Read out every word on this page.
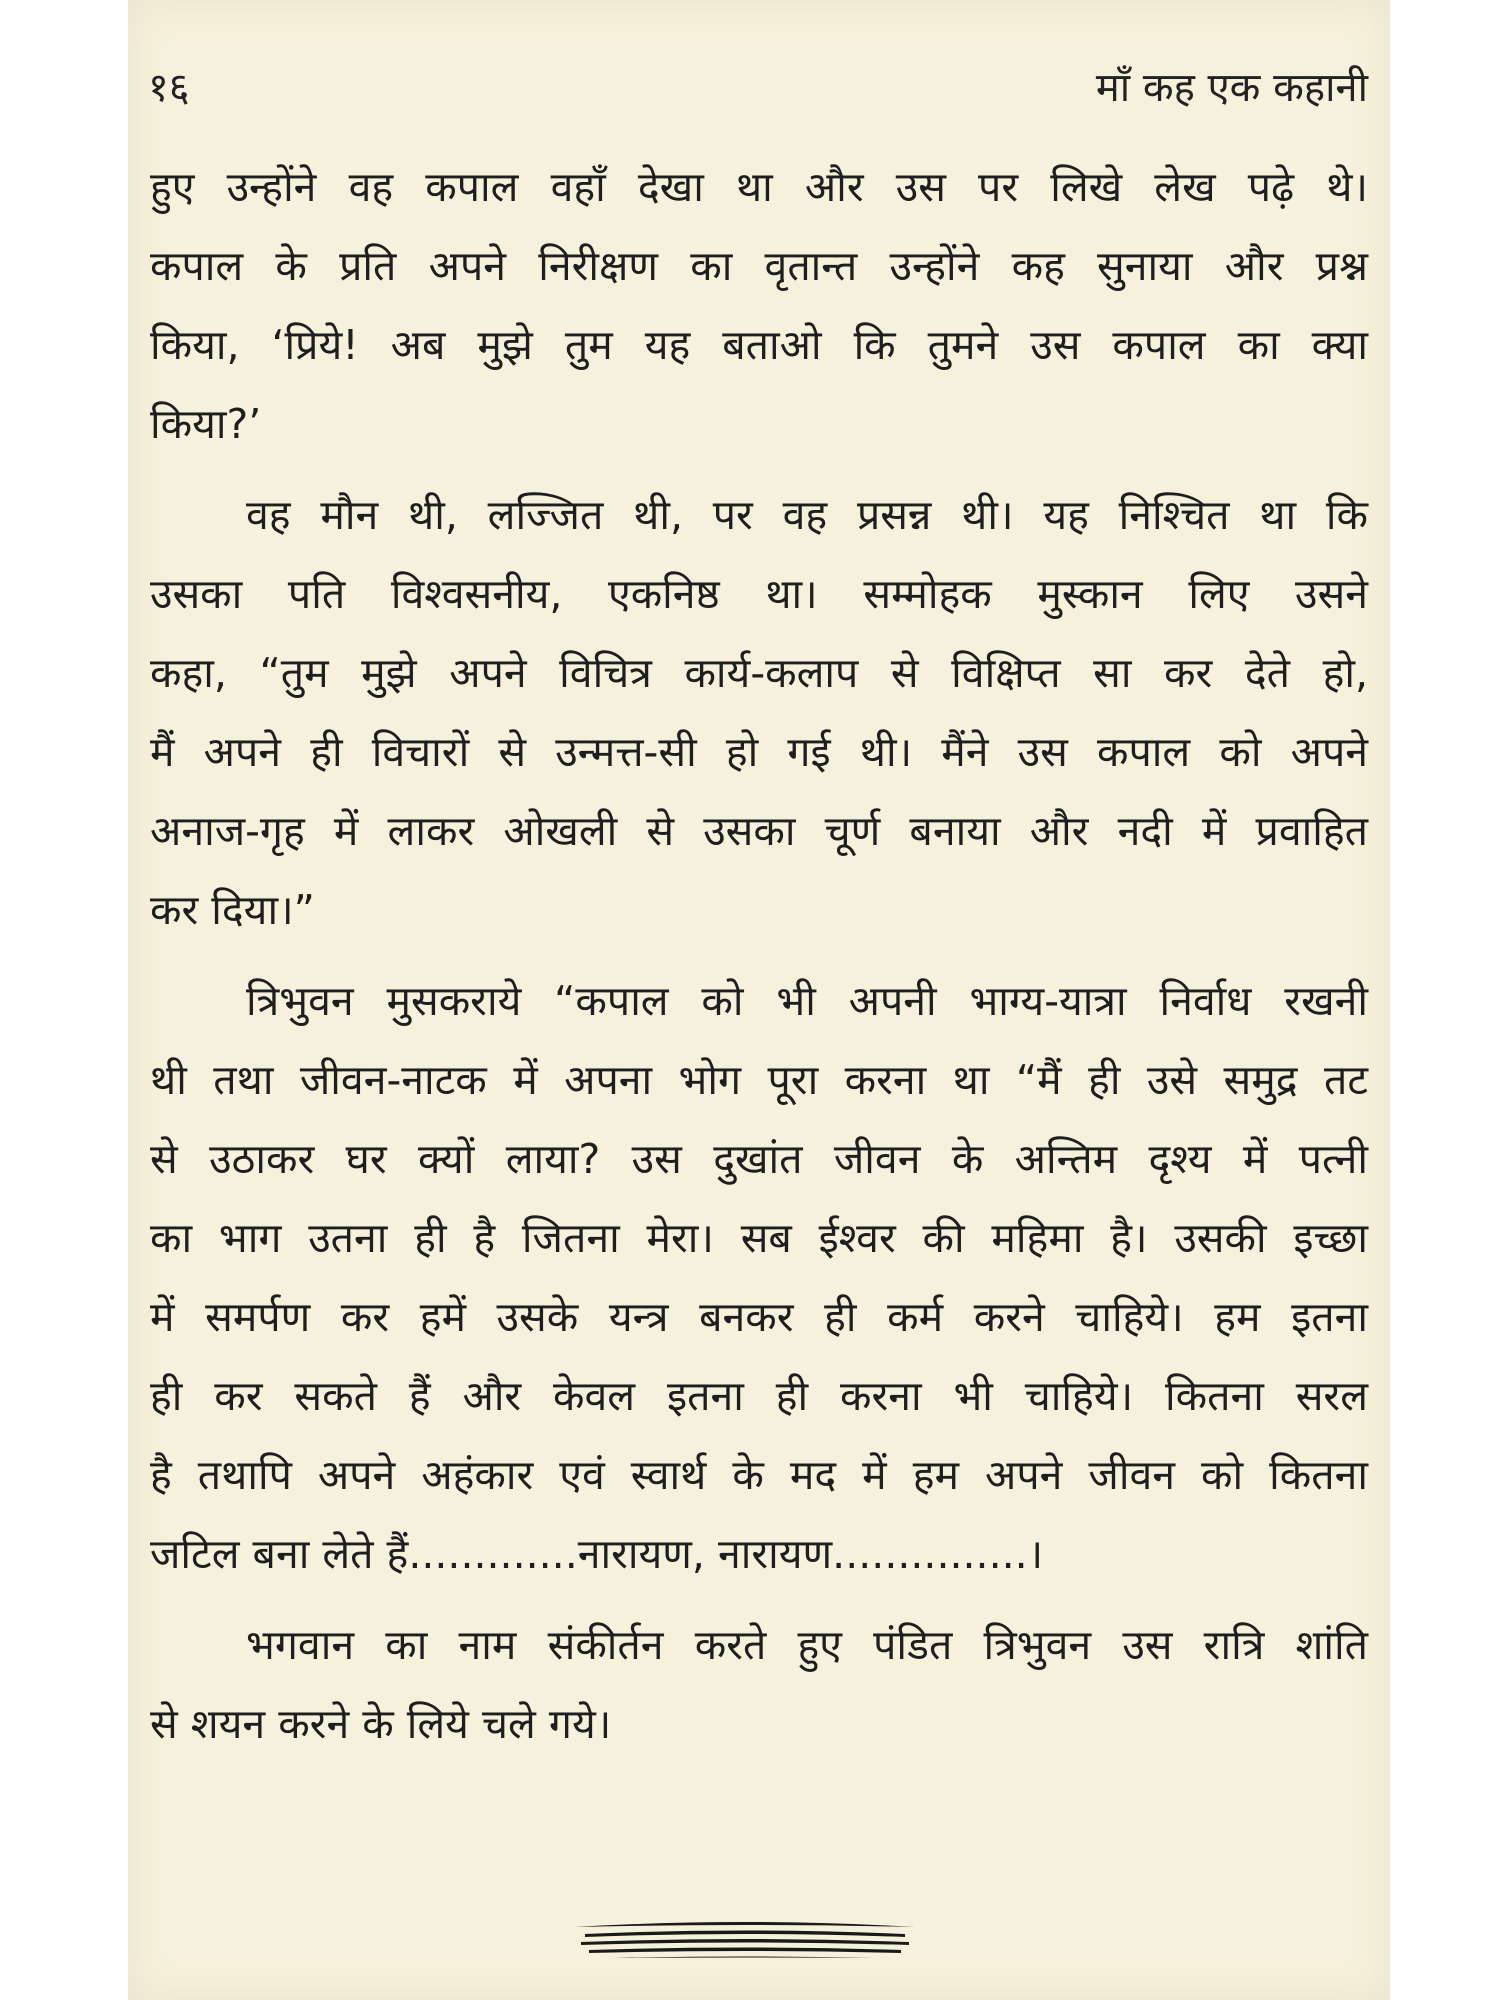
१६	माँ कह एक कहानी

हुए उन्होंने वह कपाल वहाँ देखा था और उस पर लिखे लेख पढ़े थे।
कपाल के प्रति अपने निरीक्षण का वृतान्त उन्होंने कह सुनाया और प्रश्न
किया, ‘प्रिये! अब मुझे तुम यह बताओ कि तुमने उस कपाल का क्या
किया?’

वह मौन थी, लज्जित थी, पर वह प्रसन्न थी। यह निश्चित था कि
उसका पति विश्वसनीय, एकनिष्ठ था। सम्मोहक मुस्कान लिए उसने
कहा, “तुम मुझे अपने विचित्र कार्य-कलाप से विक्षिप्त सा कर देते हो,
मैं अपने ही विचारों से उन्मत्त-सी हो गई थी। मैंने उस कपाल को अपने
अनाज-गृह में लाकर ओखली से उसका चूर्ण बनाया और नदी में प्रवाहित
कर दिया।”

त्रिभुवन मुसकराये “कपाल को भी अपनी भाग्य-यात्रा निर्वाध रखनी
थी तथा जीवन-नाटक में अपना भोग पूरा करना था “मैं ही उसे समुद्र तट
से उठाकर घर क्यों लाया? उस दुखांत जीवन के अन्तिम दृश्य में पत्नी
का भाग उतना ही है जितना मेरा। सब ईश्वर की महिमा है। उसकी इच्छा
में समर्पण कर हमें उसके यन्त्र बनकर ही कर्म करने चाहिये। हम इतना
ही कर सकते हैं और केवल इतना ही करना भी चाहिये। कितना सरल
है तथापि अपने अहंकार एवं स्वार्थ के मद में हम अपने जीवन को कितना
जटिल बना लेते हैं.............नारायण, नारायण...............।

भगवान का नाम संकीर्तन करते हुए पंडित त्रिभुवन उस रात्रि शांति
से शयन करने के लिये चले गये।
